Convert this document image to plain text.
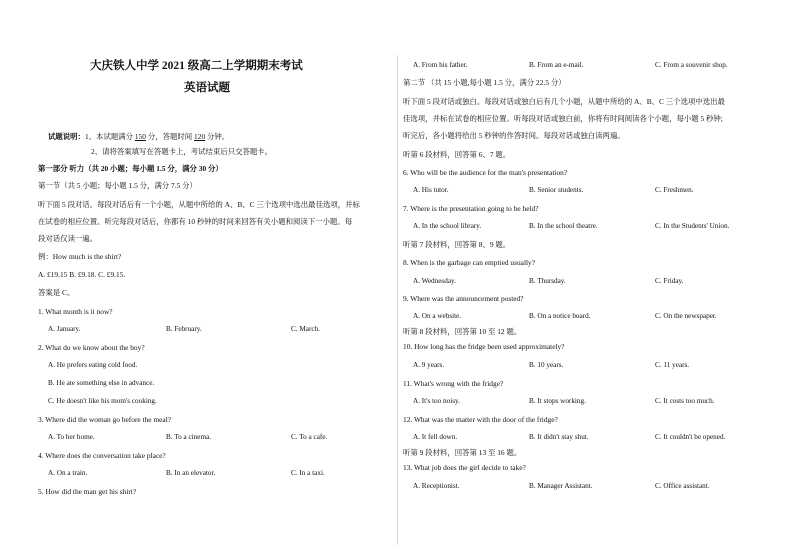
大庆铁人中学 2021 级高二上学期期末考试
英语试题
试题说明：1、本试题满分 150 分，答题时间 120 分钟。
2、请将答案填写在答题卡上，考试结束后只交答题卡。
第一部分 听力（共 20 小题；每小题 1.5 分，满分 30 分）
第一节（共 5 小题；每小题 1.5 分，满分 7.5 分）
听下面 5 段对话。每段对话后有一个小题，从题中所给的 A、B、C 三个选项中选出最佳选项，并标
在试卷的相应位置。听完每段对话后，你都有 10 秒钟的时间来回答有关小题和阅读下一小题。每
段对话仅读一遍。
例：How much is the shirt?
A. £19.15 B. £9.18. C. £9.15.
答案是 C。
1. What month is it now?
A. January.	B. February.	C. March.
2. What do we know about the boy?
A. He prefers eating cold food.
B. He ate something else in advance.
C. He doesn't like his mom's cooking.
3. Where did the woman go before the meal?
A. To her home.	B. To a cinema.	C. To a cafe.
4. Where does the conversation take place?
A. On a train.	B. In an elevator.	C. In a taxi.
5. How did the man get his shirt?
A. From his father.	B. From an e-mail.	C. From a souvenir shop.
第二节 （共 15 小题,每小题 1.5 分，满分 22.5 分）
听下面 5 段对话或独白。每段对话或独白后有几个小题，从题中所给的 A、B、C 三个选项中选出最
佳选项，并标在试卷的相应位置。听每段对话或独白前，你将有时间阅读各个小题，每小题 5 秒钟;
听完后，各小题将给出 5 秒钟的作答时间。每段对话或独白读两遍。
听第 6 段材料，回答第 6、7 题。
6. Who will be the audience for the man's presentation?
A. His tutor.	B. Senior students.	C. Freshmen.
7. Where is the presentation going to be held?
A. In the school library.	B. In the school theatre.	C. In the Students' Union.
听第 7 段材料，回答第 8、9 题。
8. When is the garbage can emptied usually?
A. Wednesday.	B. Thursday.	C. Friday.
9. Where was the announcement posted?
A. On a website.	B. On a notice board.	C. On the newspaper.
听第 8 段材料，回答第 10 至 12 题。
10. How long has the fridge been used approximately?
A. 9 years.	B. 10 years.	C. 11 years.
11. What's wrong with the fridge?
A. It's too noisy.	B. It stops working.	C. It costs too much.
12. What was the matter with the door of the fridge?
A. It fell down.	B. It didn't stay shut.	C. It couldn't be opened.
听第 9 段材料，回答第 13 至 16 题。
13. What job does the girl decide to take?
A. Receptionist.	B. Manager Assistant.	C. Office assistant.
